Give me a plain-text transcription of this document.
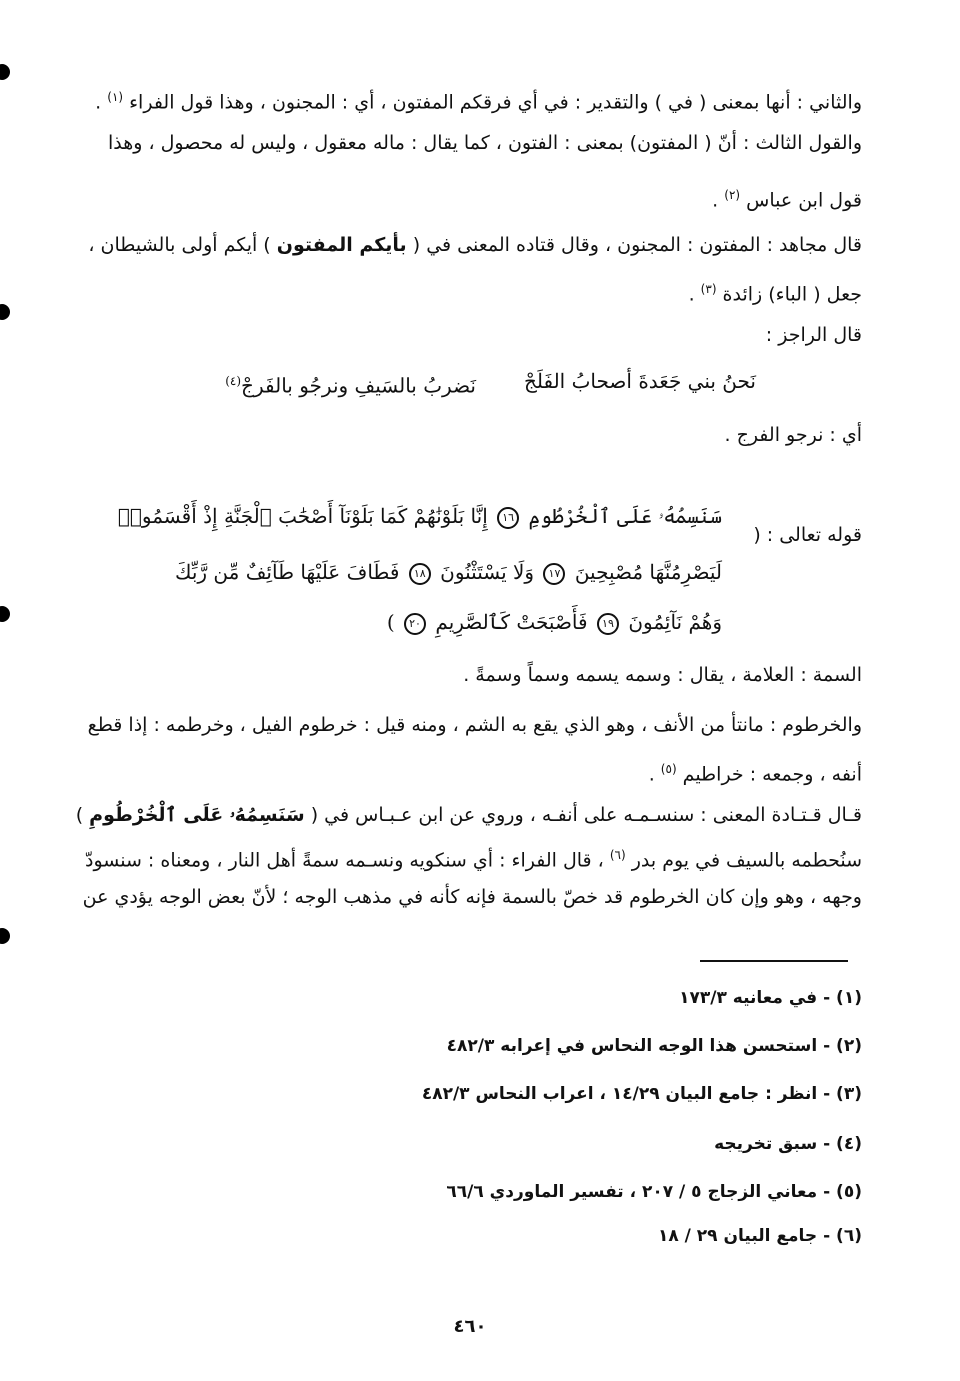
والثاني : أنها بمعنى ( في ) والتقدير : في أي فرقكم المفتون ، أي : المجنون ، وهذا قول الفراء $^{(١)}$ .
والقول الثالث : أنّ ( المفتون) بمعنى : الفتون ، كما يقال : ماله معقول ، وليس له محصول ، وهذا
قول ابن عباس $^{(٢)}$ .
قال مجاهد : المفتون : المجنون ، وقال قتاده المعنى في ( بأيكم المفتون ) أيكم أولى بالشيطان ،
جعل ( الباء) زائدة $^{(٣)}$ .
قال الراجز :
نَحنُ بني جَعَدةَ أصحابُ الفَلَجْ
نَضربُ بالسَيفِ ونرجُو بالفَرجْ$^{(٤)}$
أي : نرجو الفرج .
قوله تعالى : (
سَنَسِمُهُۥ عَلَى ٱلْخُرْطُومِ ١٦ إِنَّا بَلَوْنَٰهُمْ كَمَا بَلَوْنَآ أَصْحَٰبَ ٱلْجَنَّةِ إِذْ أَقْسَمُوا۟
لَيَصْرِمُنَّهَا مُصْبِحِينَ ١٧ وَلَا يَسْتَثْنُونَ ١٨ فَطَافَ عَلَيْهَا طَآئِفٌ مِّن رَّبِّكَ
وَهُمْ نَآئِمُونَ ١٩ فَأَصْبَحَتْ كَٱلصَّرِيمِ ٢٠ )
السمة : العلامة ، يقال : وسمه يسمه وسماً وسمةً .
والخرطوم : مانتأ من الأنف ، وهو الذي يقع به الشم ، ومنه قيل : خرطوم الفيل ، وخرطمه : إذا قطع
أنفه ، وجمعه : خراطيم $^{(٥)}$ .
قـال قـتـادة المعنى : سنسـمـه على أنفـه ، وروي عن ابن عـبـاس في ( سَنَسِمُهُۥ عَلَى ٱلْخُرْطُومِ )
سنُحطمه بالسيف في يوم بدر $^{(٦)}$ ، قال الفراء : أي سنكويه ونسـمه سمةً أهل النار ، ومعناه : سنسودّ
وجهه ، وهو وإن كان الخرطوم قد خصّ بالسمة فإنه كأنه في مذهب الوجه ؛ لأنّ بعض الوجه يؤدي عن
(١) - في معانيه ١٧٣/٣
(٢) - استحسن هذا الوجه النحاس في إعرابه ٤٨٢/٣
(٣) - انظر : جامع البيان ١٤/٢٩ ، اعراب النحاس ٤٨٢/٣
(٤) - سبق تخريجه
(٥) - معاني الزجاج ٥ / ٢٠٧ ، تفسير الماوردي ٦٦/٦
(٦) - جامع البيان ٢٩ / ١٨
٤٦٠
